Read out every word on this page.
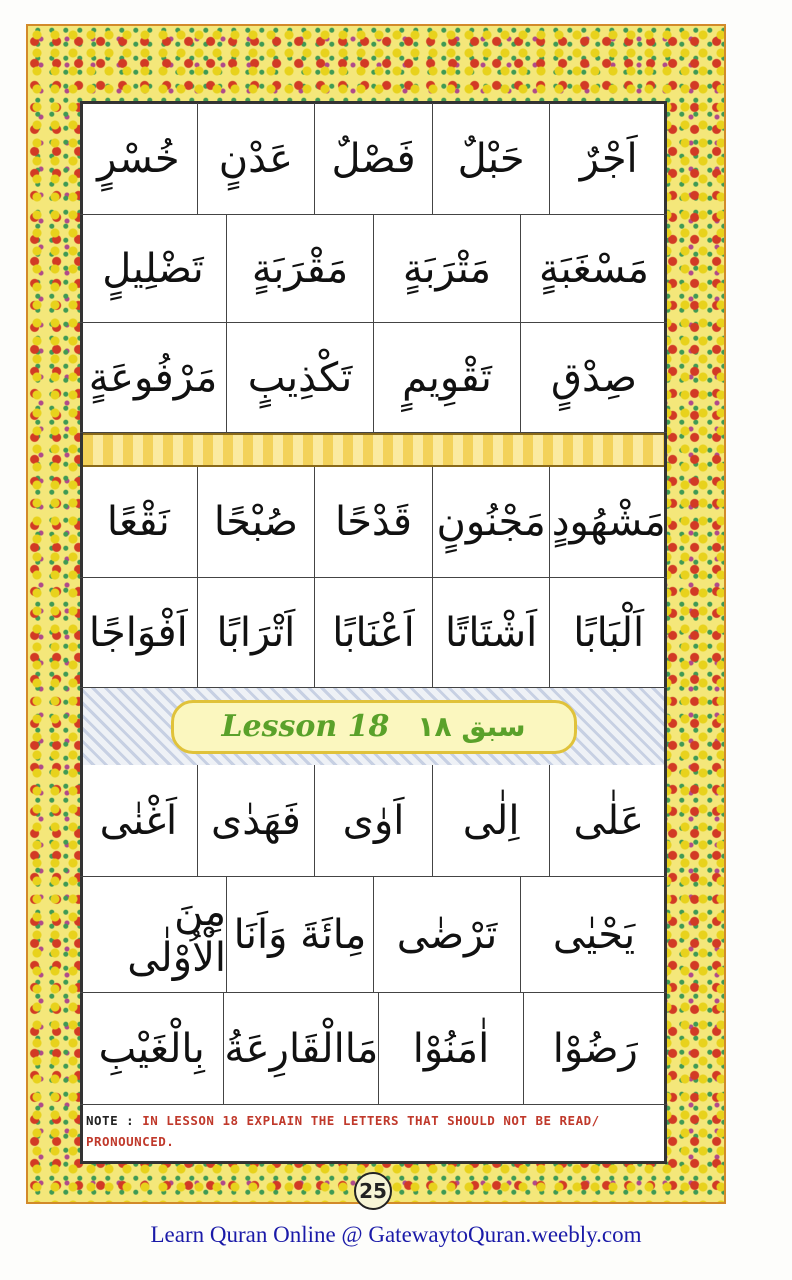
اَجْرٌ
حَبْلٌ
فَصْلٌ
عَدْنٍ
خُسْرٍ
مَسْغَبَةٍ
مَتْرَبَةٍ
مَقْرَبَةٍ
تَضْلِيلٍ
صِدْقٍ
تَقْوِيمٍ
تَكْذِيبٍ
مَرْفُوعَةٍ
مَشْهُودٍ
مَجْنُونٍ
قَدْحًا
صُبْحًا
نَقْعًا
اَلْبَابًا
اَشْتَاتًا
اَعْنَابًا
اَتْرَابًا
اَفْوَاجًا
Lesson 18 سبق ١٨
عَلٰى
اِلٰى
اَوٰى
فَهَدٰى
اَغْنٰى
يَحْيٰى
تَرْضٰى
مِائَةَ وَاَنَا
مِنَ الْاُوْلٰى
رَضُوْا
اٰمَنُوْا
مَاالْقَارِعَةُ
بِالْغَيْبِ
NOTE : IN LESSON 18 EXPLAIN THE LETTERS THAT SHOULD NOT BE READ/ PRONOUNCED.
25
Learn Quran Online @ GatewaytoQuran.weebly.com
